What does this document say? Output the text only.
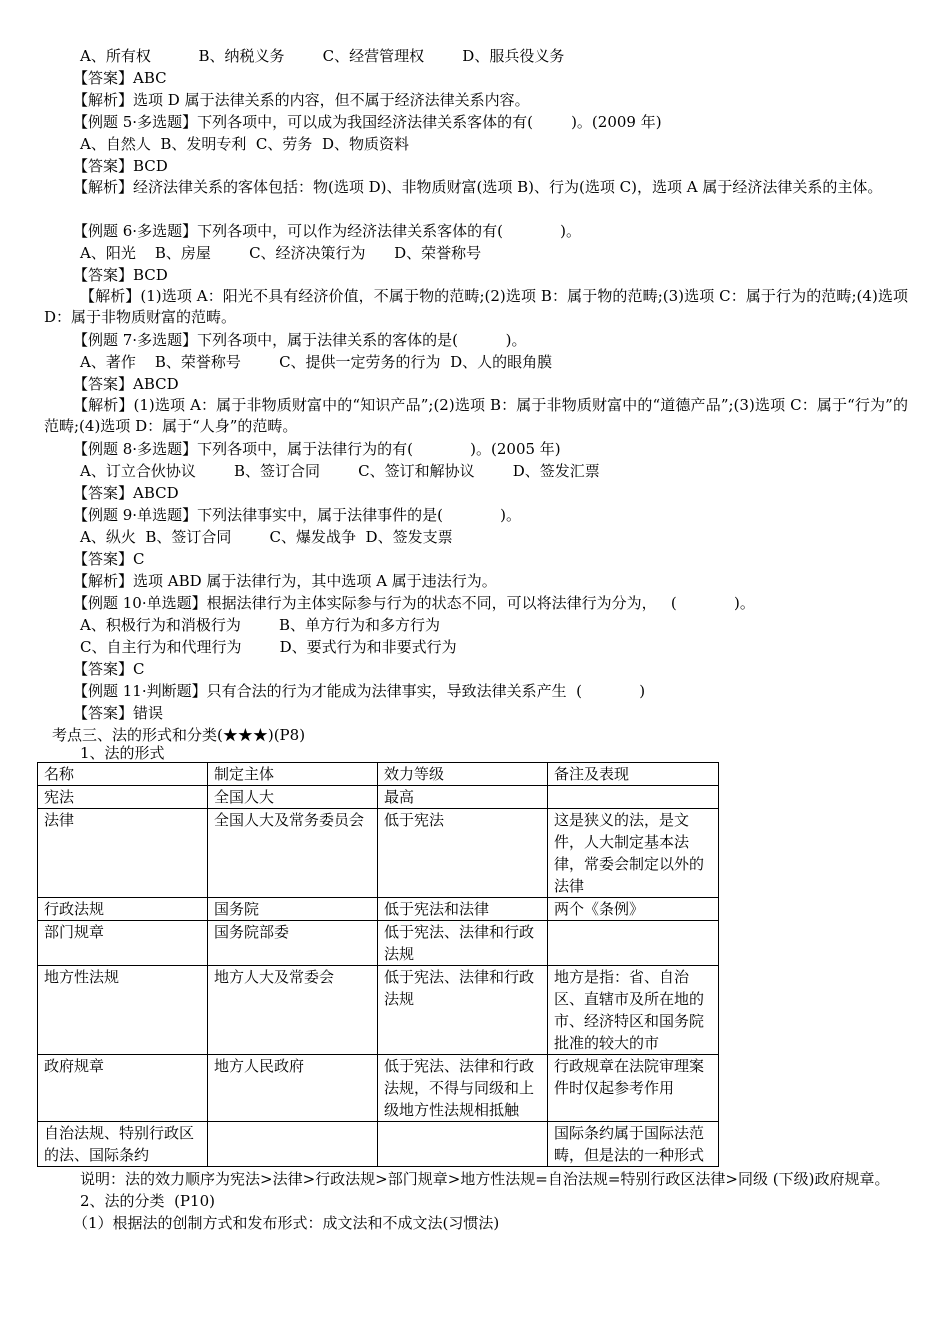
A、所有权          B、纳税义务        C、经营管理权        D、服兵役义务
【答案】ABC
【解析】选项 D 属于法律关系的内容，但不属于经济法律关系内容。
【例题 5·多选题】下列各项中，可以成为我国经济法律关系客体的有(        )。(2009 年)
A、自然人  B、发明专利  C、劳务  D、物质资料
【答案】BCD
【解析】经济法律关系的客体包括：物(选项 D)、非物质财富(选项 B)、行为(选项 C)，选项 A 属于经济法律关系的主体。
【例题 6·多选题】下列各项中，可以作为经济法律关系客体的有(            )。
A、阳光    B、房屋        C、经济决策行为      D、荣誉称号
【答案】BCD
【解析】(1)选项 A：阳光不具有经济价值，不属于物的范畴;(2)选项 B：属于物的范畴;(3)选项 C：属于行为的范畴;(4)选项 D：属于非物质财富的范畴。
【例题 7·多选题】下列各项中，属于法律关系的客体的是(          )。
A、著作    B、荣誉称号        C、提供一定劳务的行为  D、人的眼角膜
【答案】ABCD
【解析】(1)选项 A：属于非物质财富中的“知识产品”;(2)选项 B：属于非物质财富中的“道德产品”;(3)选项 C：属于“行为”的范畴;(4)选项 D：属于“人身”的范畴。
【例题 8·多选题】下列各项中，属于法律行为的有(            )。(2005 年)
A、订立合伙协议        B、签订合同        C、签订和解协议        D、签发汇票
【答案】ABCD
【例题 9·单选题】下列法律事实中，属于法律事件的是(            )。
A、纵火  B、签订合同        C、爆发战争  D、签发支票
【答案】C
【解析】选项 ABD 属于法律行为，其中选项 A 属于违法行为。
【例题 10·单选题】根据法律行为主体实际参与行为的状态不同，可以将法律行为分为，   (            )。
A、积极行为和消极行为        B、单方行为和多方行为
C、自主行为和代理行为        D、要式行为和非要式行为
【答案】C
【例题 11·判断题】只有合法的行为才能成为法律事实，导致法律关系产生  (            )
【答案】错误
考点三、法的形式和分类(★★★)(P8)
1、法的形式
名称	制定主体	效力等级	备注及表现
宪法	全国人大	最高	
法律	全国人大及常务委员会	低于宪法	这是狭义的法，是文件，人大制定基本法律，常委会制定以外的法律
行政法规	国务院	低于宪法和法律	两个《条例》
部门规章	国务院部委	低于宪法、法律和行政法规	
地方性法规	地方人大及常委会	低于宪法、法律和行政法规	地方是指：省、自治区、直辖市及所在地的市、经济特区和国务院批准的较大的市
政府规章	地方人民政府	低于宪法、法律和行政法规，不得与同级和上级地方性法规相抵触	行政规章在法院审理案件时仅起参考作用
自治法规、特别行政区的法、国际条约			国际条约属于国际法范畴，但是法的一种形式
说明：法的效力顺序为宪法>法律>行政法规>部门规章>地方性法规=自治法规=特别行政区法律>同级 (下级)政府规章。
2、法的分类  (P10)
（1）根据法的创制方式和发布形式：成文法和不成文法(习惯法)
